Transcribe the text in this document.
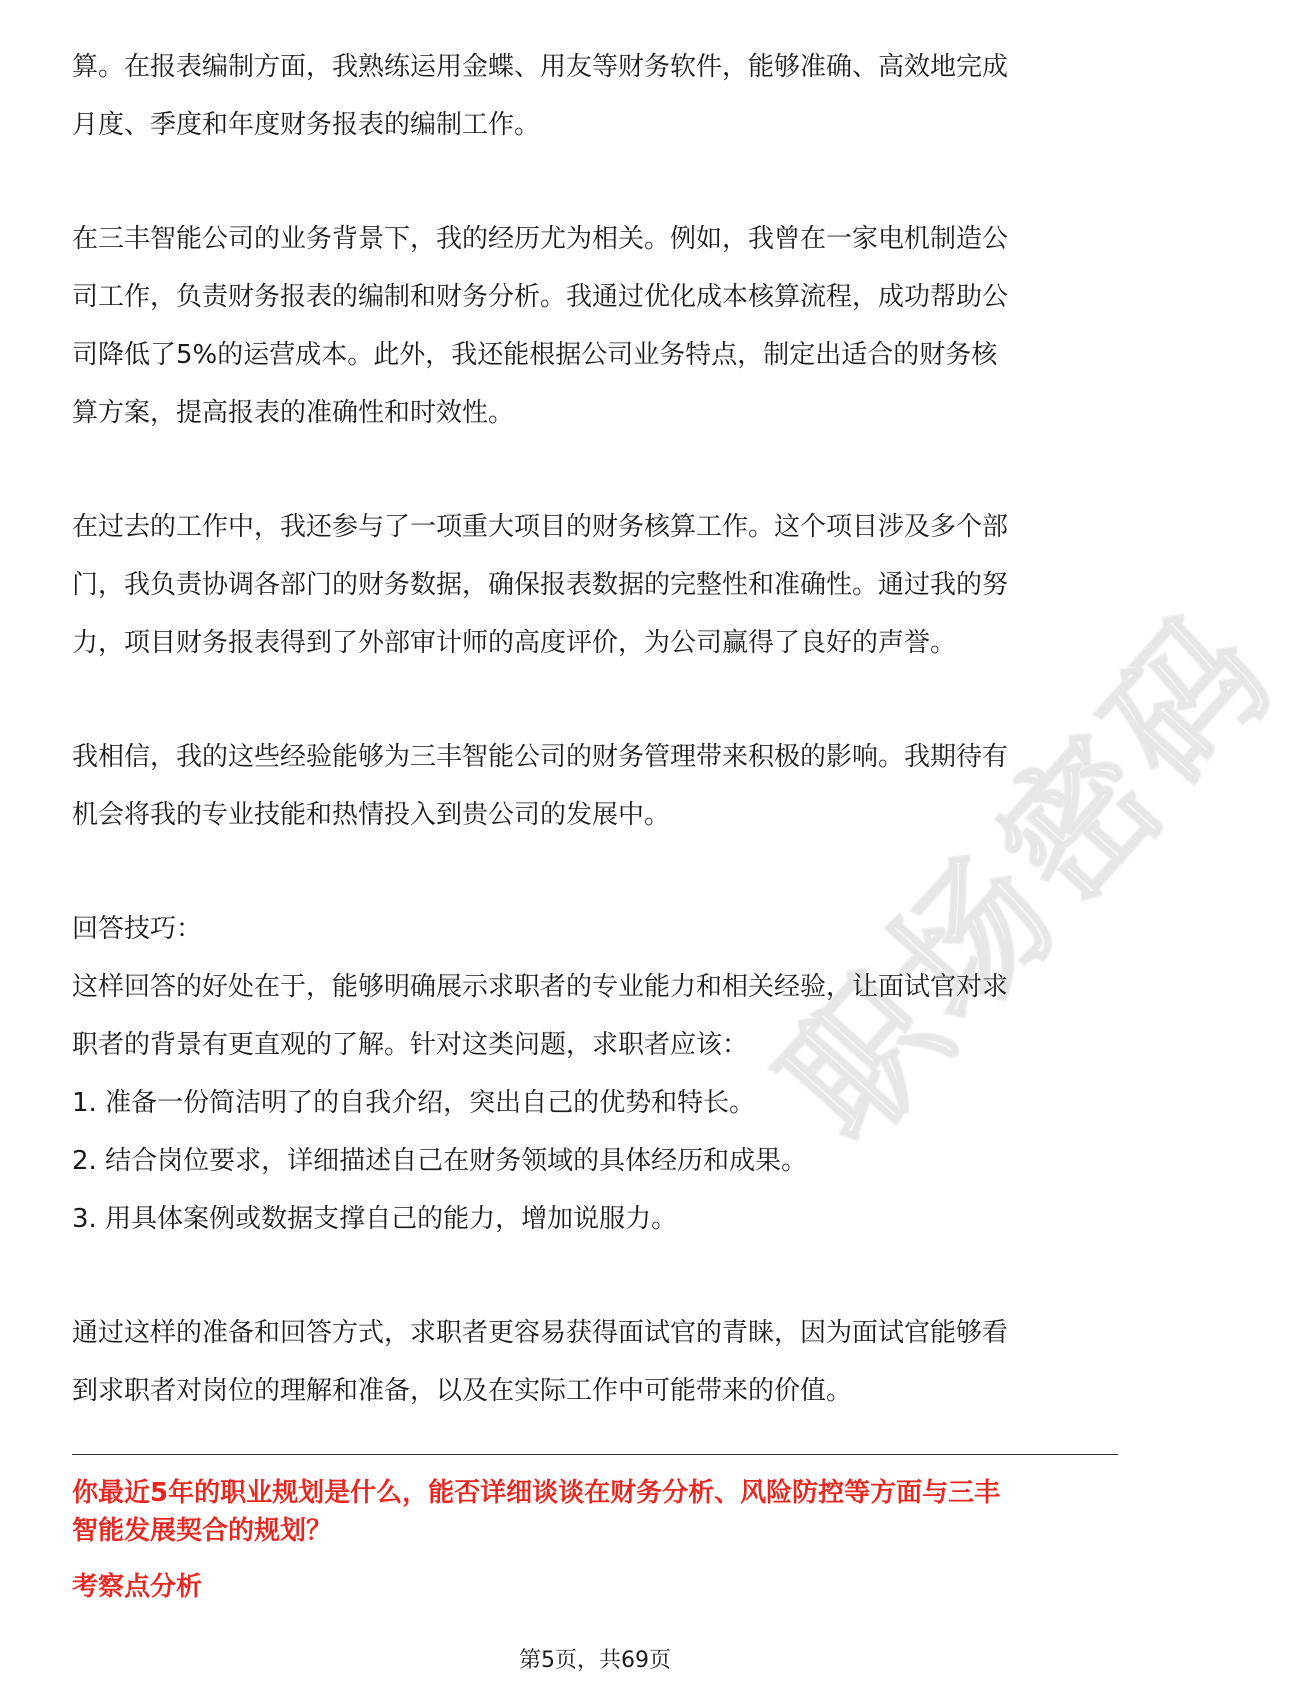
职场密码

算。在报表编制方面，我熟练运用金蝶、用友等财务软件，能够准确、高效地完成
月度、季度和年度财务报表的编制工作。

在三丰智能公司的业务背景下，我的经历尤为相关。例如，我曾在一家电机制造公
司工作，负责财务报表的编制和财务分析。我通过优化成本核算流程，成功帮助公
司降低了5%的运营成本。此外，我还能根据公司业务特点，制定出适合的财务核
算方案，提高报表的准确性和时效性。

在过去的工作中，我还参与了一项重大项目的财务核算工作。这个项目涉及多个部
门，我负责协调各部门的财务数据，确保报表数据的完整性和准确性。通过我的努
力，项目财务报表得到了外部审计师的高度评价，为公司赢得了良好的声誉。

我相信，我的这些经验能够为三丰智能公司的财务管理带来积极的影响。我期待有
机会将我的专业技能和热情投入到贵公司的发展中。

回答技巧：
这样回答的好处在于，能够明确展示求职者的专业能力和相关经验，让面试官对求
职者的背景有更直观的了解。针对这类问题，求职者应该：
1. 准备一份简洁明了的自我介绍，突出自己的优势和特长。
2. 结合岗位要求，详细描述自己在财务领域的具体经历和成果。
3. 用具体案例或数据支撑自己的能力，增加说服力。

通过这样的准备和回答方式，求职者更容易获得面试官的青睐，因为面试官能够看
到求职者对岗位的理解和准备，以及在实际工作中可能带来的价值。

你最近5年的职业规划是什么，能否详细谈谈在财务分析、风险防控等方面与三丰
智能发展契合的规划？
考察点分析
第5页，共69页
